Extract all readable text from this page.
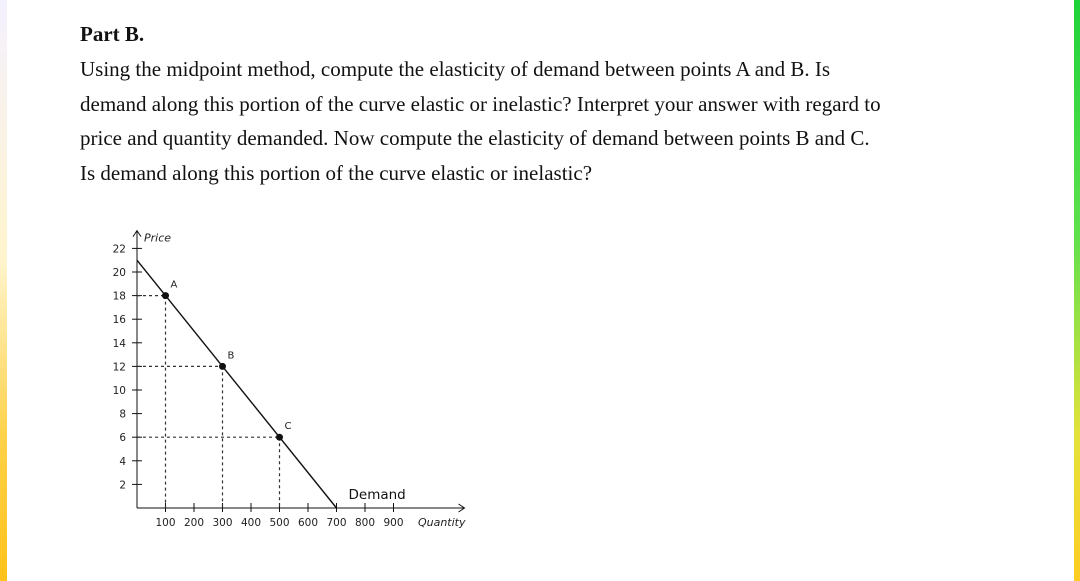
Part B.

Using the midpoint method, compute the elasticity of demand between points A and B. Is
demand along this portion of the curve elastic or inelastic? Interpret your answer with regard to
price and quantity demanded. Now compute the elasticity of demand between points B and C.
Is demand along this portion of the curve elastic or inelastic?

2
4
6
8
10
12
14
16
18
20
22
100 200 300 400 500 600 700 800 900
Price
Quantity
Demand
A
B
C
